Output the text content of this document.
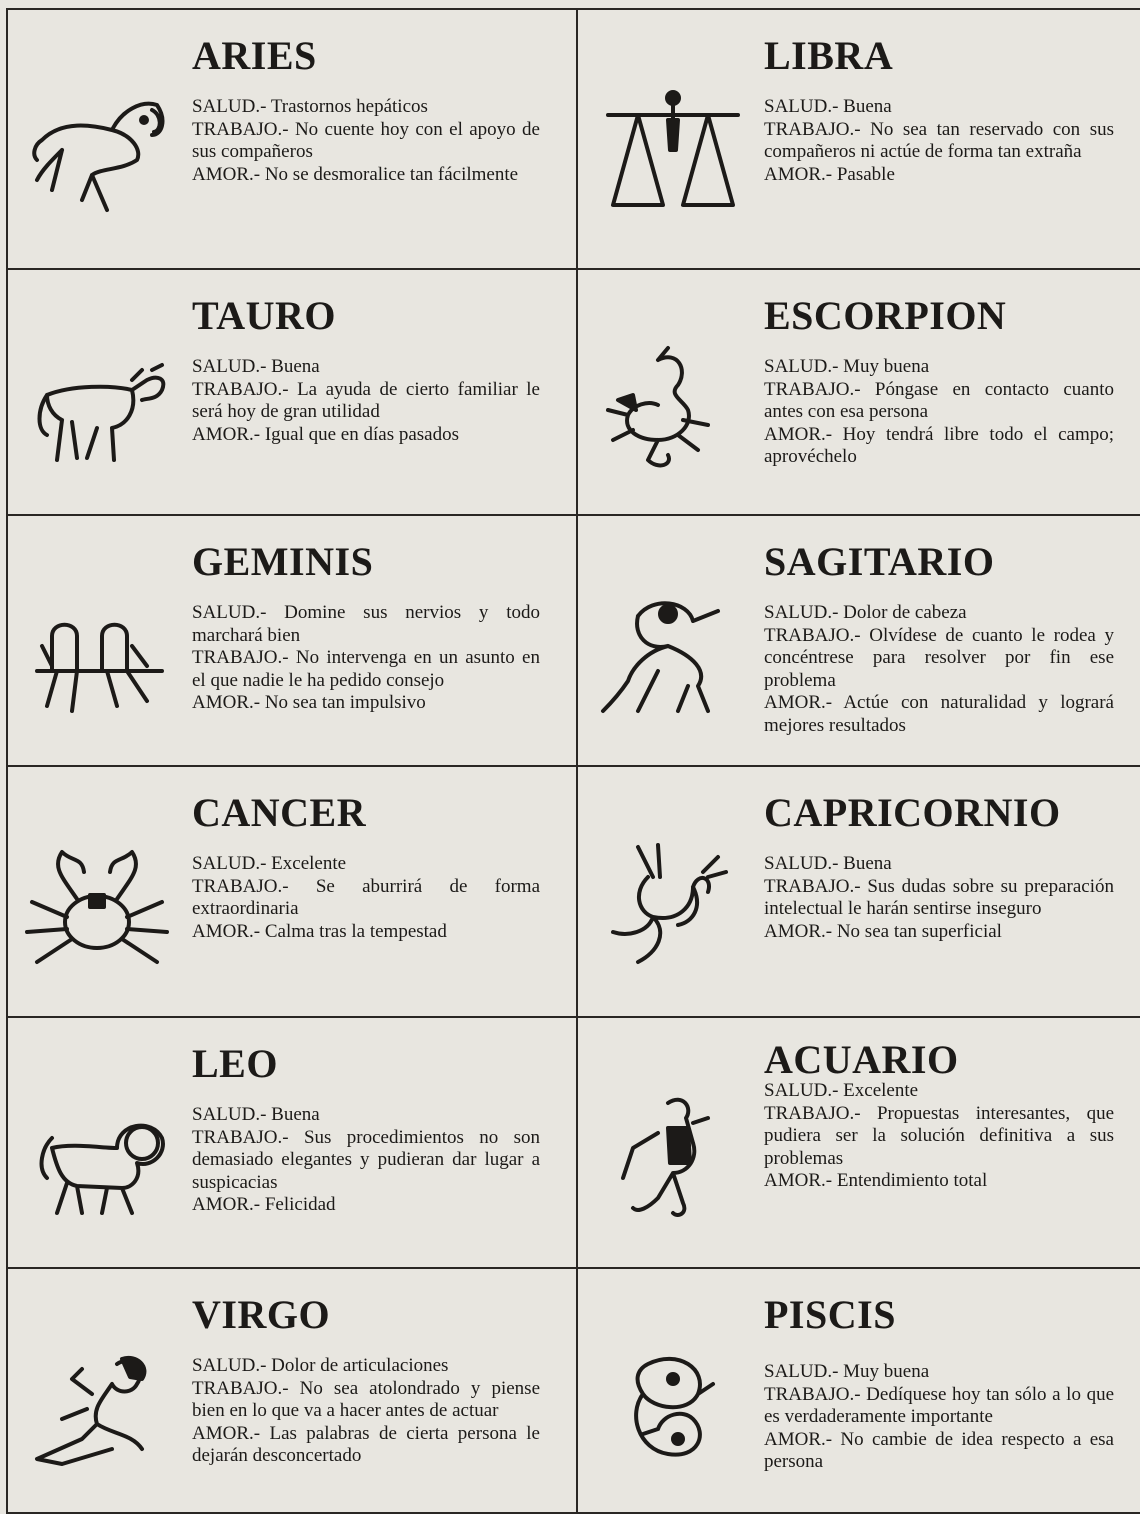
ARIES
SALUD.- Trastornos hepáticos
TRABAJO.- No cuente hoy con el apoyo de sus compañeros
AMOR.- No se desmoralice tan fácilmente
LIBRA
SALUD.- Buena
TRABAJO.- No sea tan reservado con sus compañeros ni actúe de forma tan extraña
AMOR.- Pasable
TAURO
SALUD.- Buena
TRABAJO.- La ayuda de cierto familiar le será hoy de gran utilidad
AMOR.- Igual que en días pasados
ESCORPION
SALUD.- Muy buena
TRABAJO.- Póngase en contacto cuanto antes con esa persona
AMOR.- Hoy tendrá libre todo el campo; aprovéchelo
GEMINIS
SALUD.- Domine sus nervios y todo marchará bien
TRABAJO.- No intervenga en un asunto en el que nadie le ha pedido consejo
AMOR.- No sea tan impulsivo
SAGITARIO
SALUD.- Dolor de cabeza
TRABAJO.- Olvídese de cuanto le rodea y concéntrese para resolver por fin ese problema
AMOR.- Actúe con naturalidad y logrará mejores resultados
CANCER
SALUD.- Excelente
TRABAJO.- Se aburrirá de forma extraordinaria
AMOR.- Calma tras la tempestad
CAPRICORNIO
SALUD.- Buena
TRABAJO.- Sus dudas sobre su preparación intelectual le harán sentirse inseguro
AMOR.- No sea tan superficial
LEO
SALUD.- Buena
TRABAJO.- Sus procedimientos no son demasiado elegantes y pudieran dar lugar a suspicacias
AMOR.- Felicidad
ACUARIO
SALUD.- Excelente
TRABAJO.- Propuestas interesantes, que pudiera ser la solución definitiva a sus problemas
AMOR.- Entendimiento total
VIRGO
SALUD.- Dolor de articulaciones
TRABAJO.- No sea atolondrado y piense bien en lo que va a hacer antes de actuar
AMOR.- Las palabras de cierta persona le dejarán desconcertado
PISCIS
SALUD.- Muy buena
TRABAJO.- Dedíquese hoy tan sólo a lo que es verdaderamente importante
AMOR.- No cambie de idea respecto a esa persona
